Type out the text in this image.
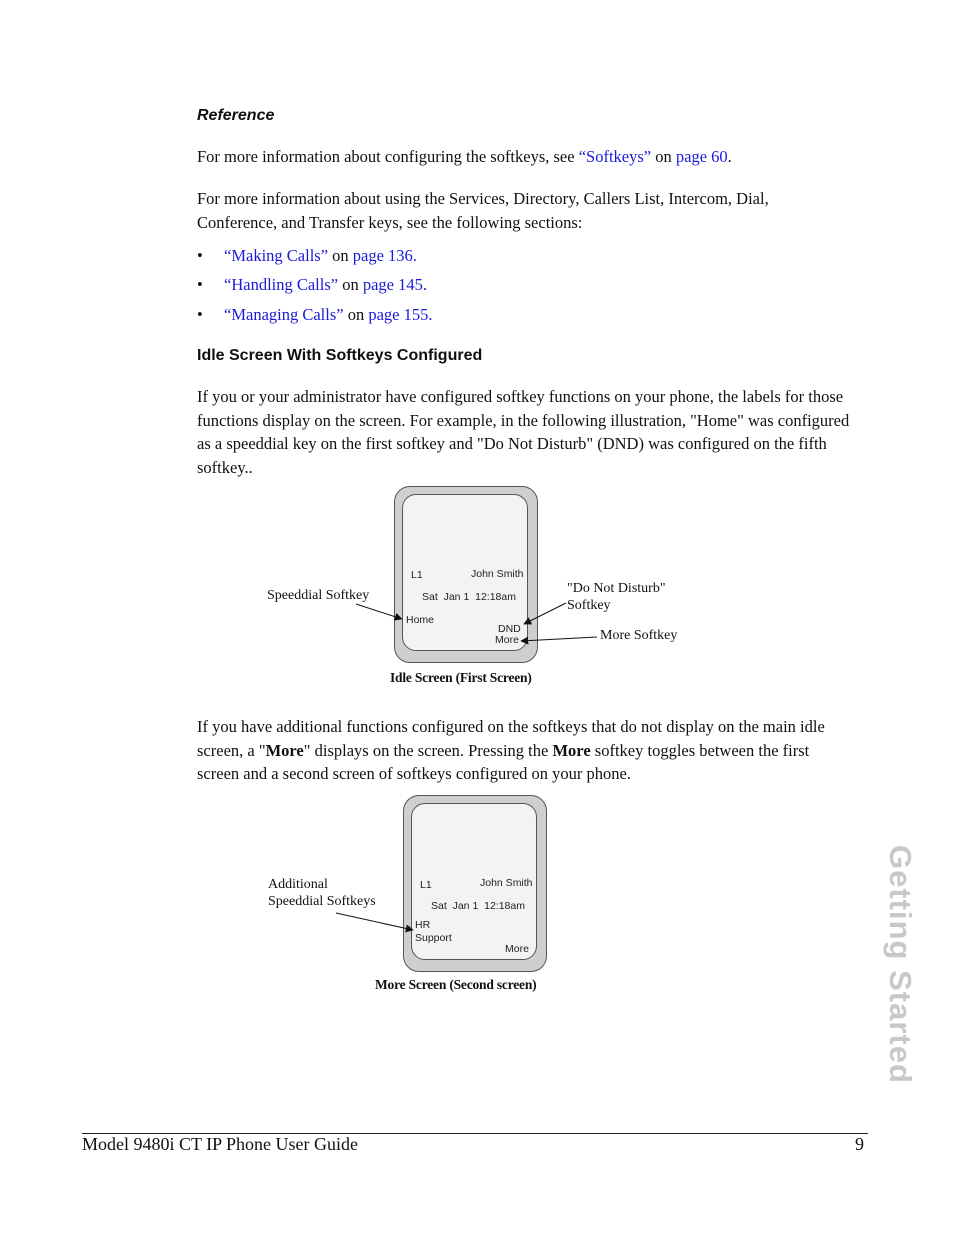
Reference
For more information about configuring the softkeys, see “Softkeys” on page 60.
For more information about using the Services, Directory, Callers List, Intercom, Dial,
Conference, and Transfer keys, see the following sections:
• “Making Calls” on page 136.
• “Handling Calls” on page 145.
• “Managing Calls” on page 155.
Idle Screen With Softkeys Configured
If you or your administrator have configured softkey functions on your phone, the labels for those
functions display on the screen. For example, in the following illustration, "Home" was configured
as a speeddial key on the first softkey and "Do Not Disturb" (DND) was configured on the fifth
softkey..
L1	John Smith
Sat  Jan 1  12:18am
Home
DND
More
Speeddial Softkey	"Do Not Disturb"
Softkey
More Softkey
Idle Screen (First Screen)
If you have additional functions configured on the softkeys that do not display on the main idle
screen, a "More" displays on the screen. Pressing the More softkey toggles between the first
screen and a second screen of softkeys configured on your phone.
L1	John Smith
Sat  Jan 1  12:18am
HR
Support
More
Additional
Speeddial Softkeys
More Screen (Second screen)	Getting Started
Model 9480i CT IP Phone User Guide	9
